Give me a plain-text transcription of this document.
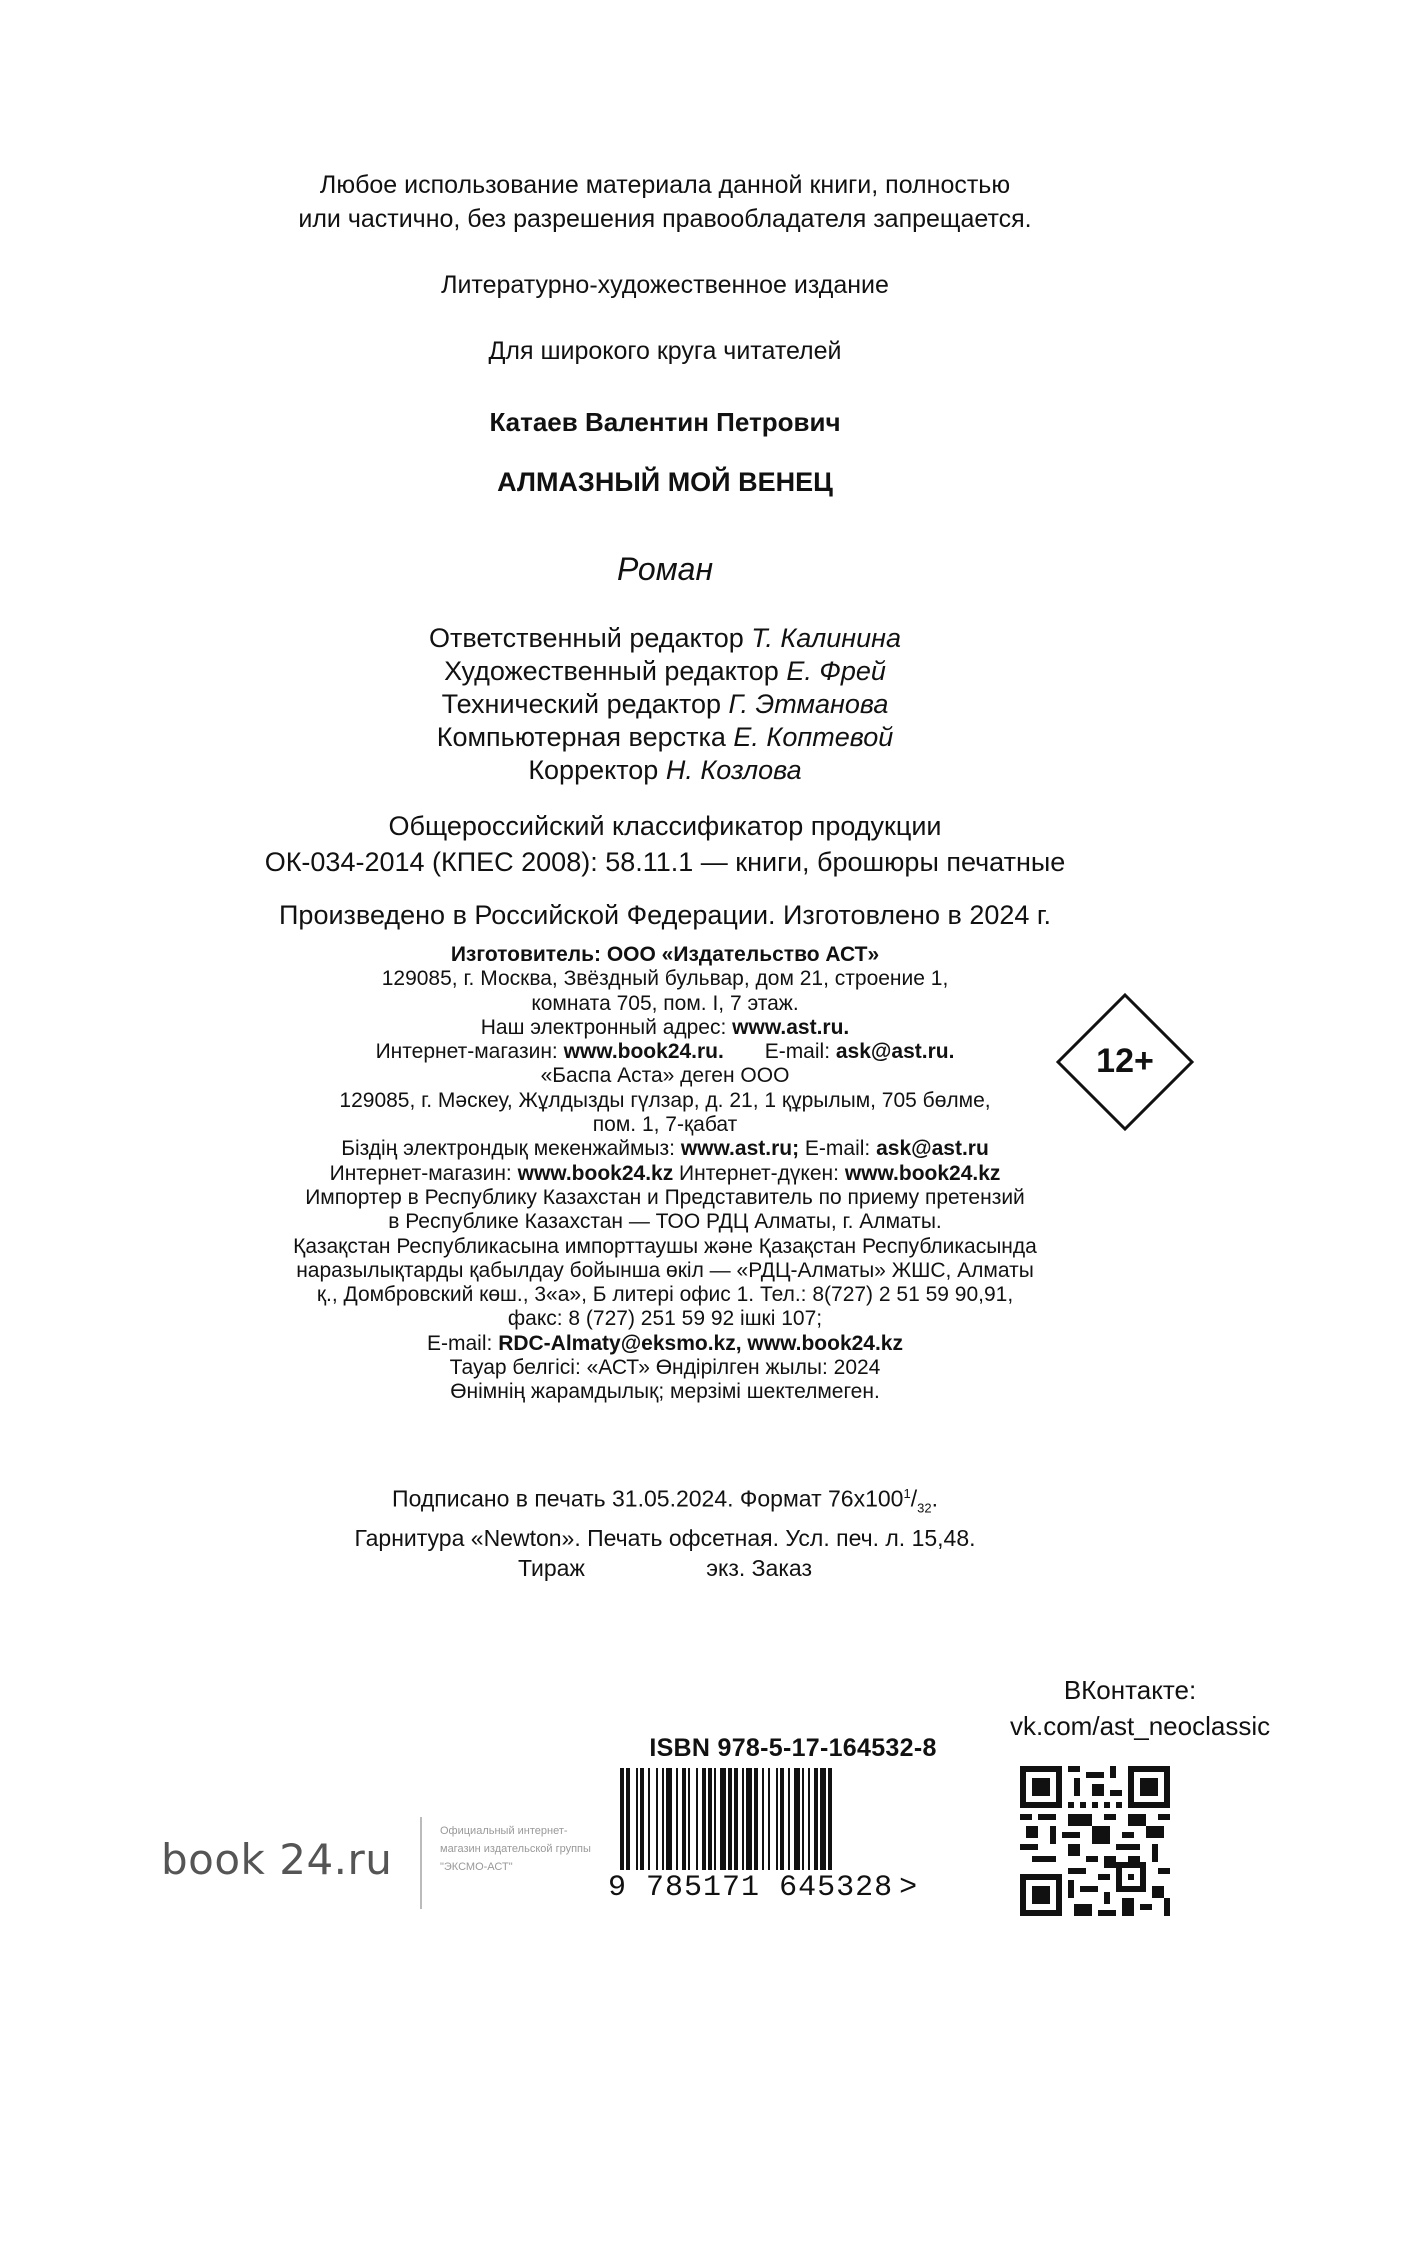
Любое использование материала данной книги, полностью
или частично, без разрешения правообладателя запрещается.
Литературно-художественное издание
Для широкого круга читателей
Катаев Валентин Петрович
АЛМАЗНЫЙ МОЙ ВЕНЕЦ
Роман
Ответственный редактор Т. Калинина
Художественный редактор Е. Фрей
Технический редактор Г. Этманова
Компьютерная верстка Е. Коптевой
Корректор Н. Козлова
Общероссийский классификатор продукции
ОК-034-2014 (КПЕС 2008): 58.11.1 — книги, брошюры печатные
Произведено в Российской Федерации. Изготовлено в 2024 г.
Изготовитель: ООО «Издательство АСТ»
129085, г. Москва, Звёздный бульвар, дом 21, строение 1,
комната 705, пом. I, 7 этаж.
Наш электронный адрес: www.ast.ru.
Интернет-магазин: www.book24.ru. E-mail: ask@ast.ru.
«Баспа Аста» деген ООО
129085, г. Мәскеу, Жұлдызды гүлзар, д. 21, 1 құрылым, 705 бөлме,
пом. 1, 7-қабат
Біздің электрондық мекенжаймыз: www.ast.ru; E-mail: ask@ast.ru
Интернет-магазин: www.book24.kz Интернет-дүкен: www.book24.kz
Импортер в Республику Казахстан и Представитель по приему претензий
в Республике Казахстан — ТОО РДЦ Алматы, г. Алматы.
Қазақстан Республикасына импорттаушы және Қазақстан Республикасында
наразылықтарды қабылдау бойынша өкіл — «РДЦ-Алматы» ЖШС, Алматы
қ., Домбровский көш., 3«а», Б литері офис 1. Тел.: 8(727) 2 51 59 90,91,
факс: 8 (727) 251 59 92 ішкі 107;
E-mail: RDC-Almaty@eksmo.kz, www.book24.kz
Тауар белгісі: «АСТ» Өндірілген жылы: 2024
Өнімнің жарамдылық; мерзімі шектелмеген.
12+
Подписано в печать 31.05.2024. Формат $76x100^1/_{32}$.
Гарнитура «Newton». Печать офсетная. Усл. печ. л. 15,48.
Тираж	экз. Заказ
ВКонтакте:
vk.com/ast_neoclassic
ISBN 978-5-17-164532-8
9 785171 645328 >
book 24.ru
Официальный интернет-магазин издательской группы "ЭКСМО-АСТ"
